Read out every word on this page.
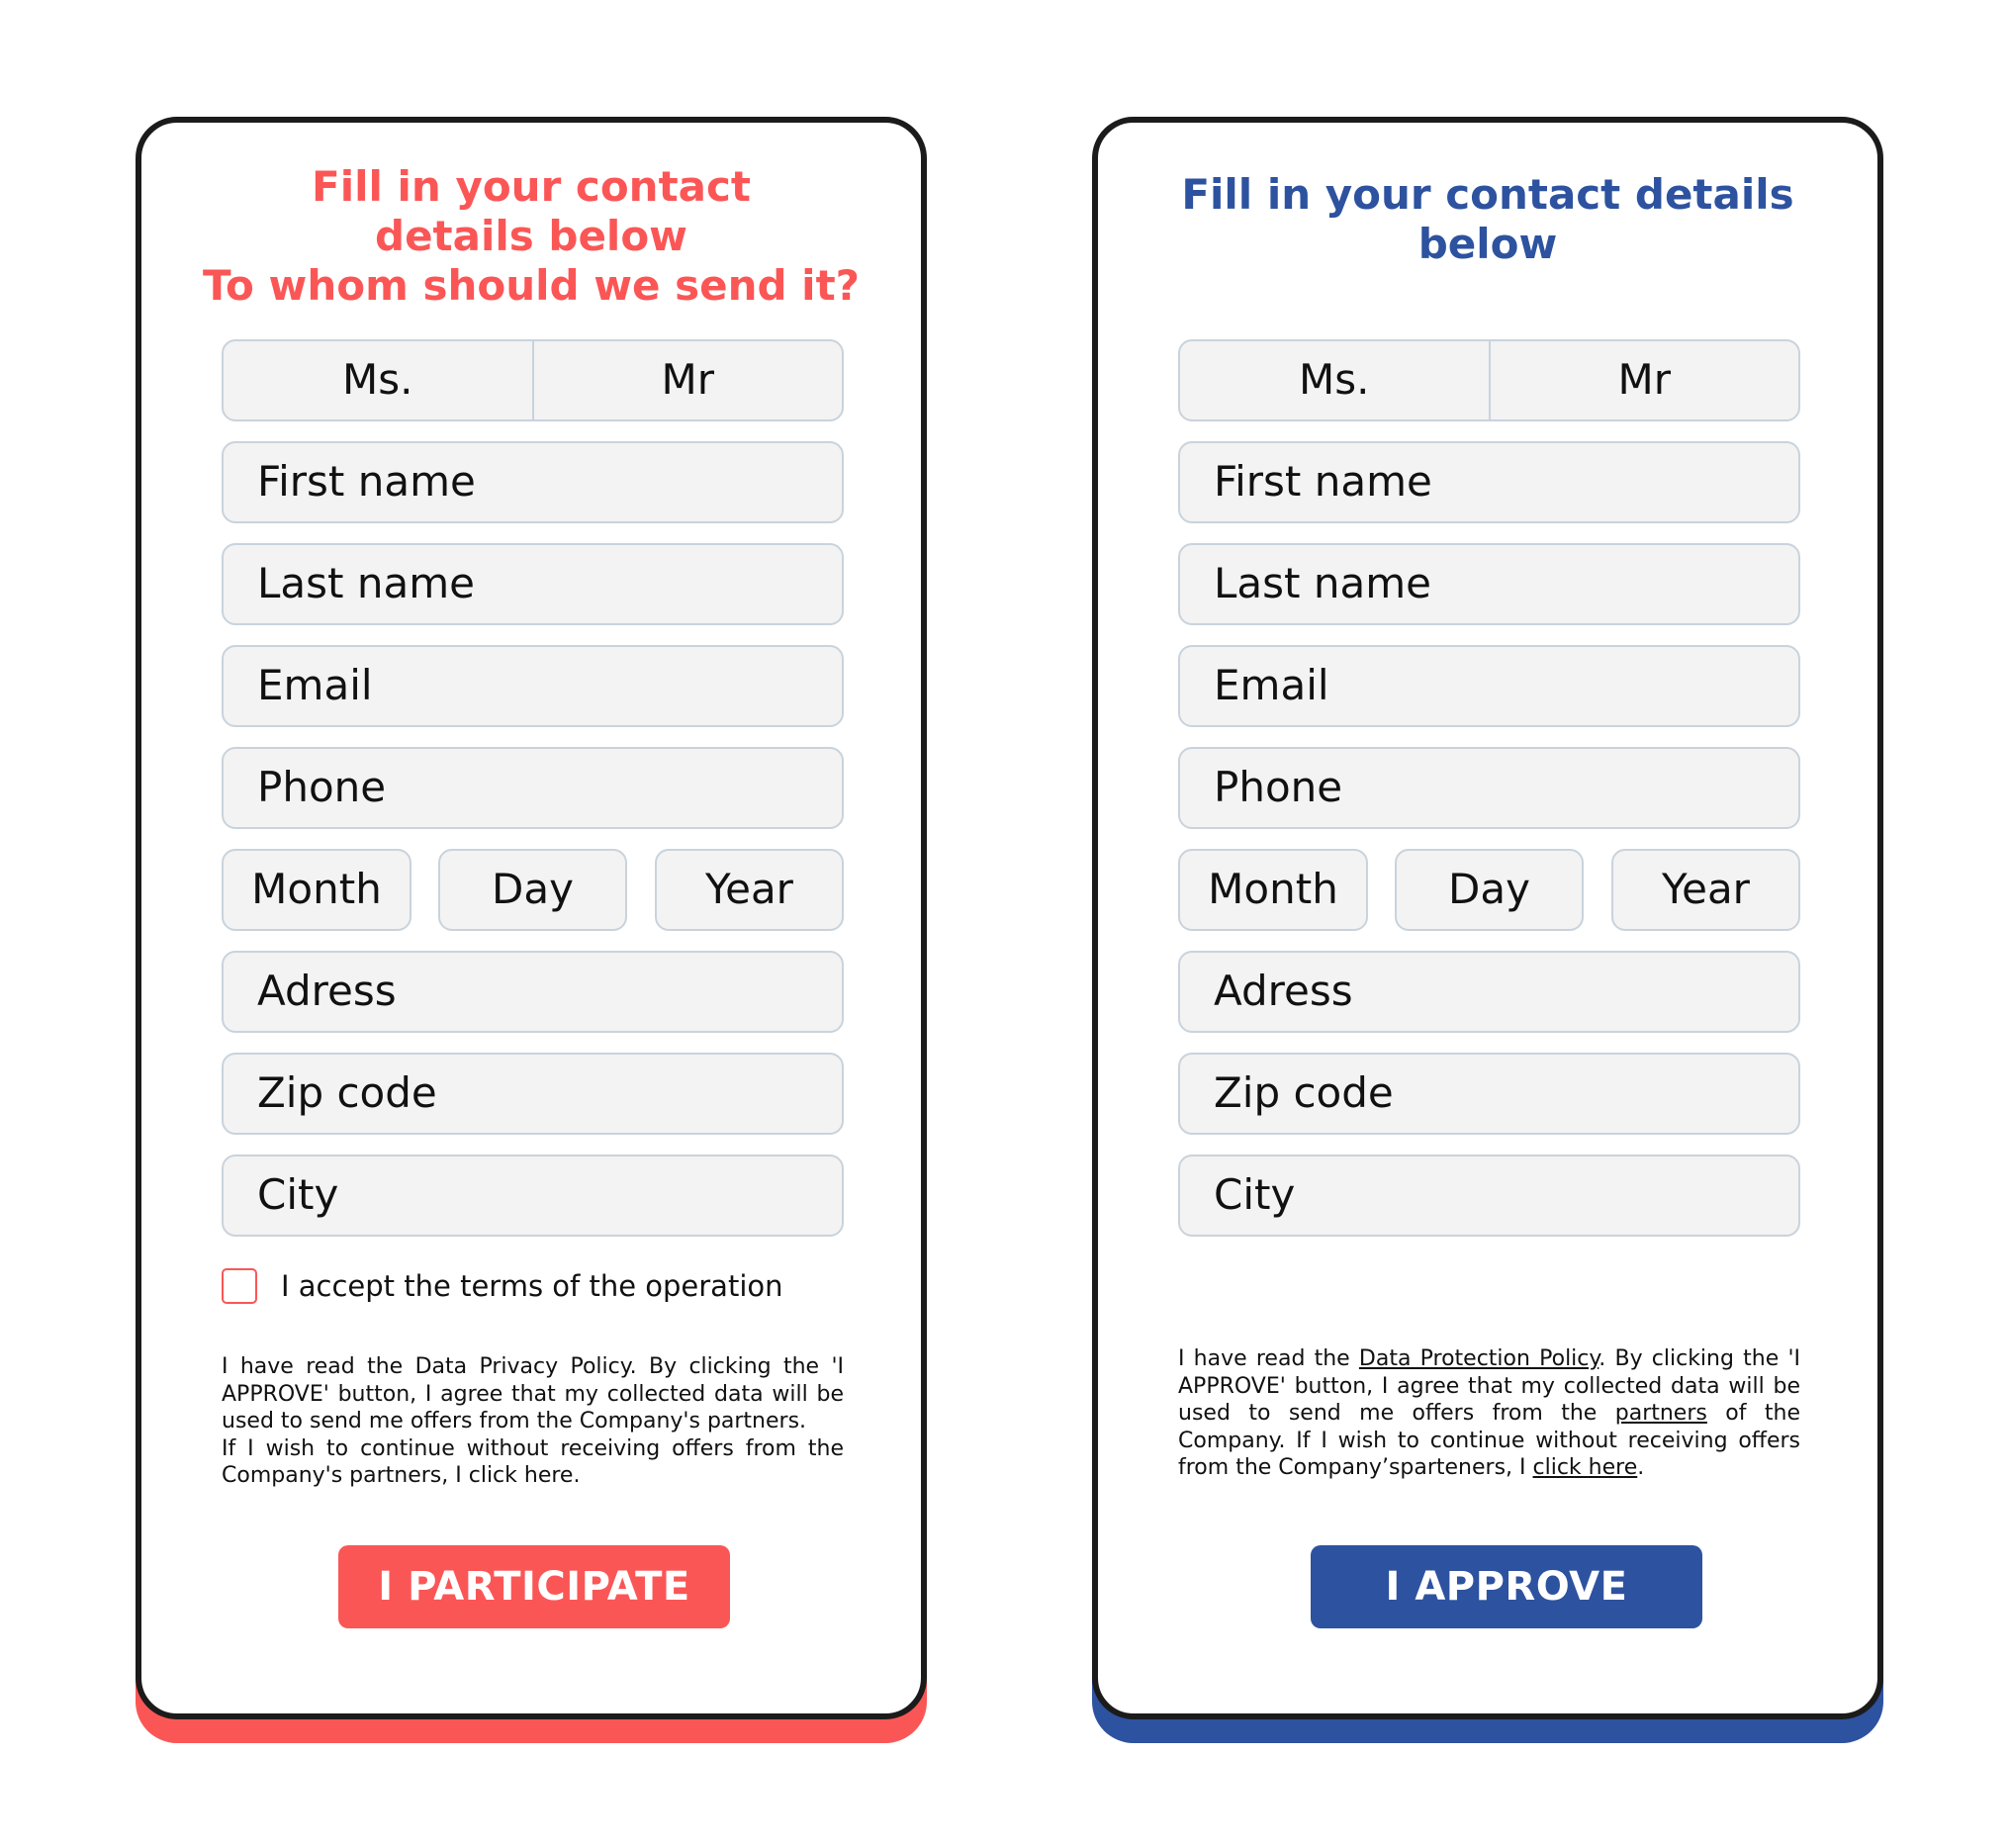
Fill in your contact
details below
To whom should we send it?
Ms.	Mr
First name
Last name
Email
Phone
Month	Day	Year
Adress
Zip code
City
I accept the terms of the operation

I have read the Data Privacy Policy. By clicking the 'I APPROVE' button, I agree that my collected data will be used to send me offers from the Company's partners.

If I wish to continue without receiving offers from the Company's partners, I click here.

I PARTICIPATE
Fill in your contact details
below
Ms.	Mr
First name
Last name
Email
Phone
Month	Day	Year
Adress
Zip code
City

I have read the Data Protection Policy. By clicking the 'I APPROVE' button, I agree that my collected data will be used to send me offers from the partners of the Company. If I wish to continue without receiving offers from the Company’sparteners, I click here.

I APPROVE
